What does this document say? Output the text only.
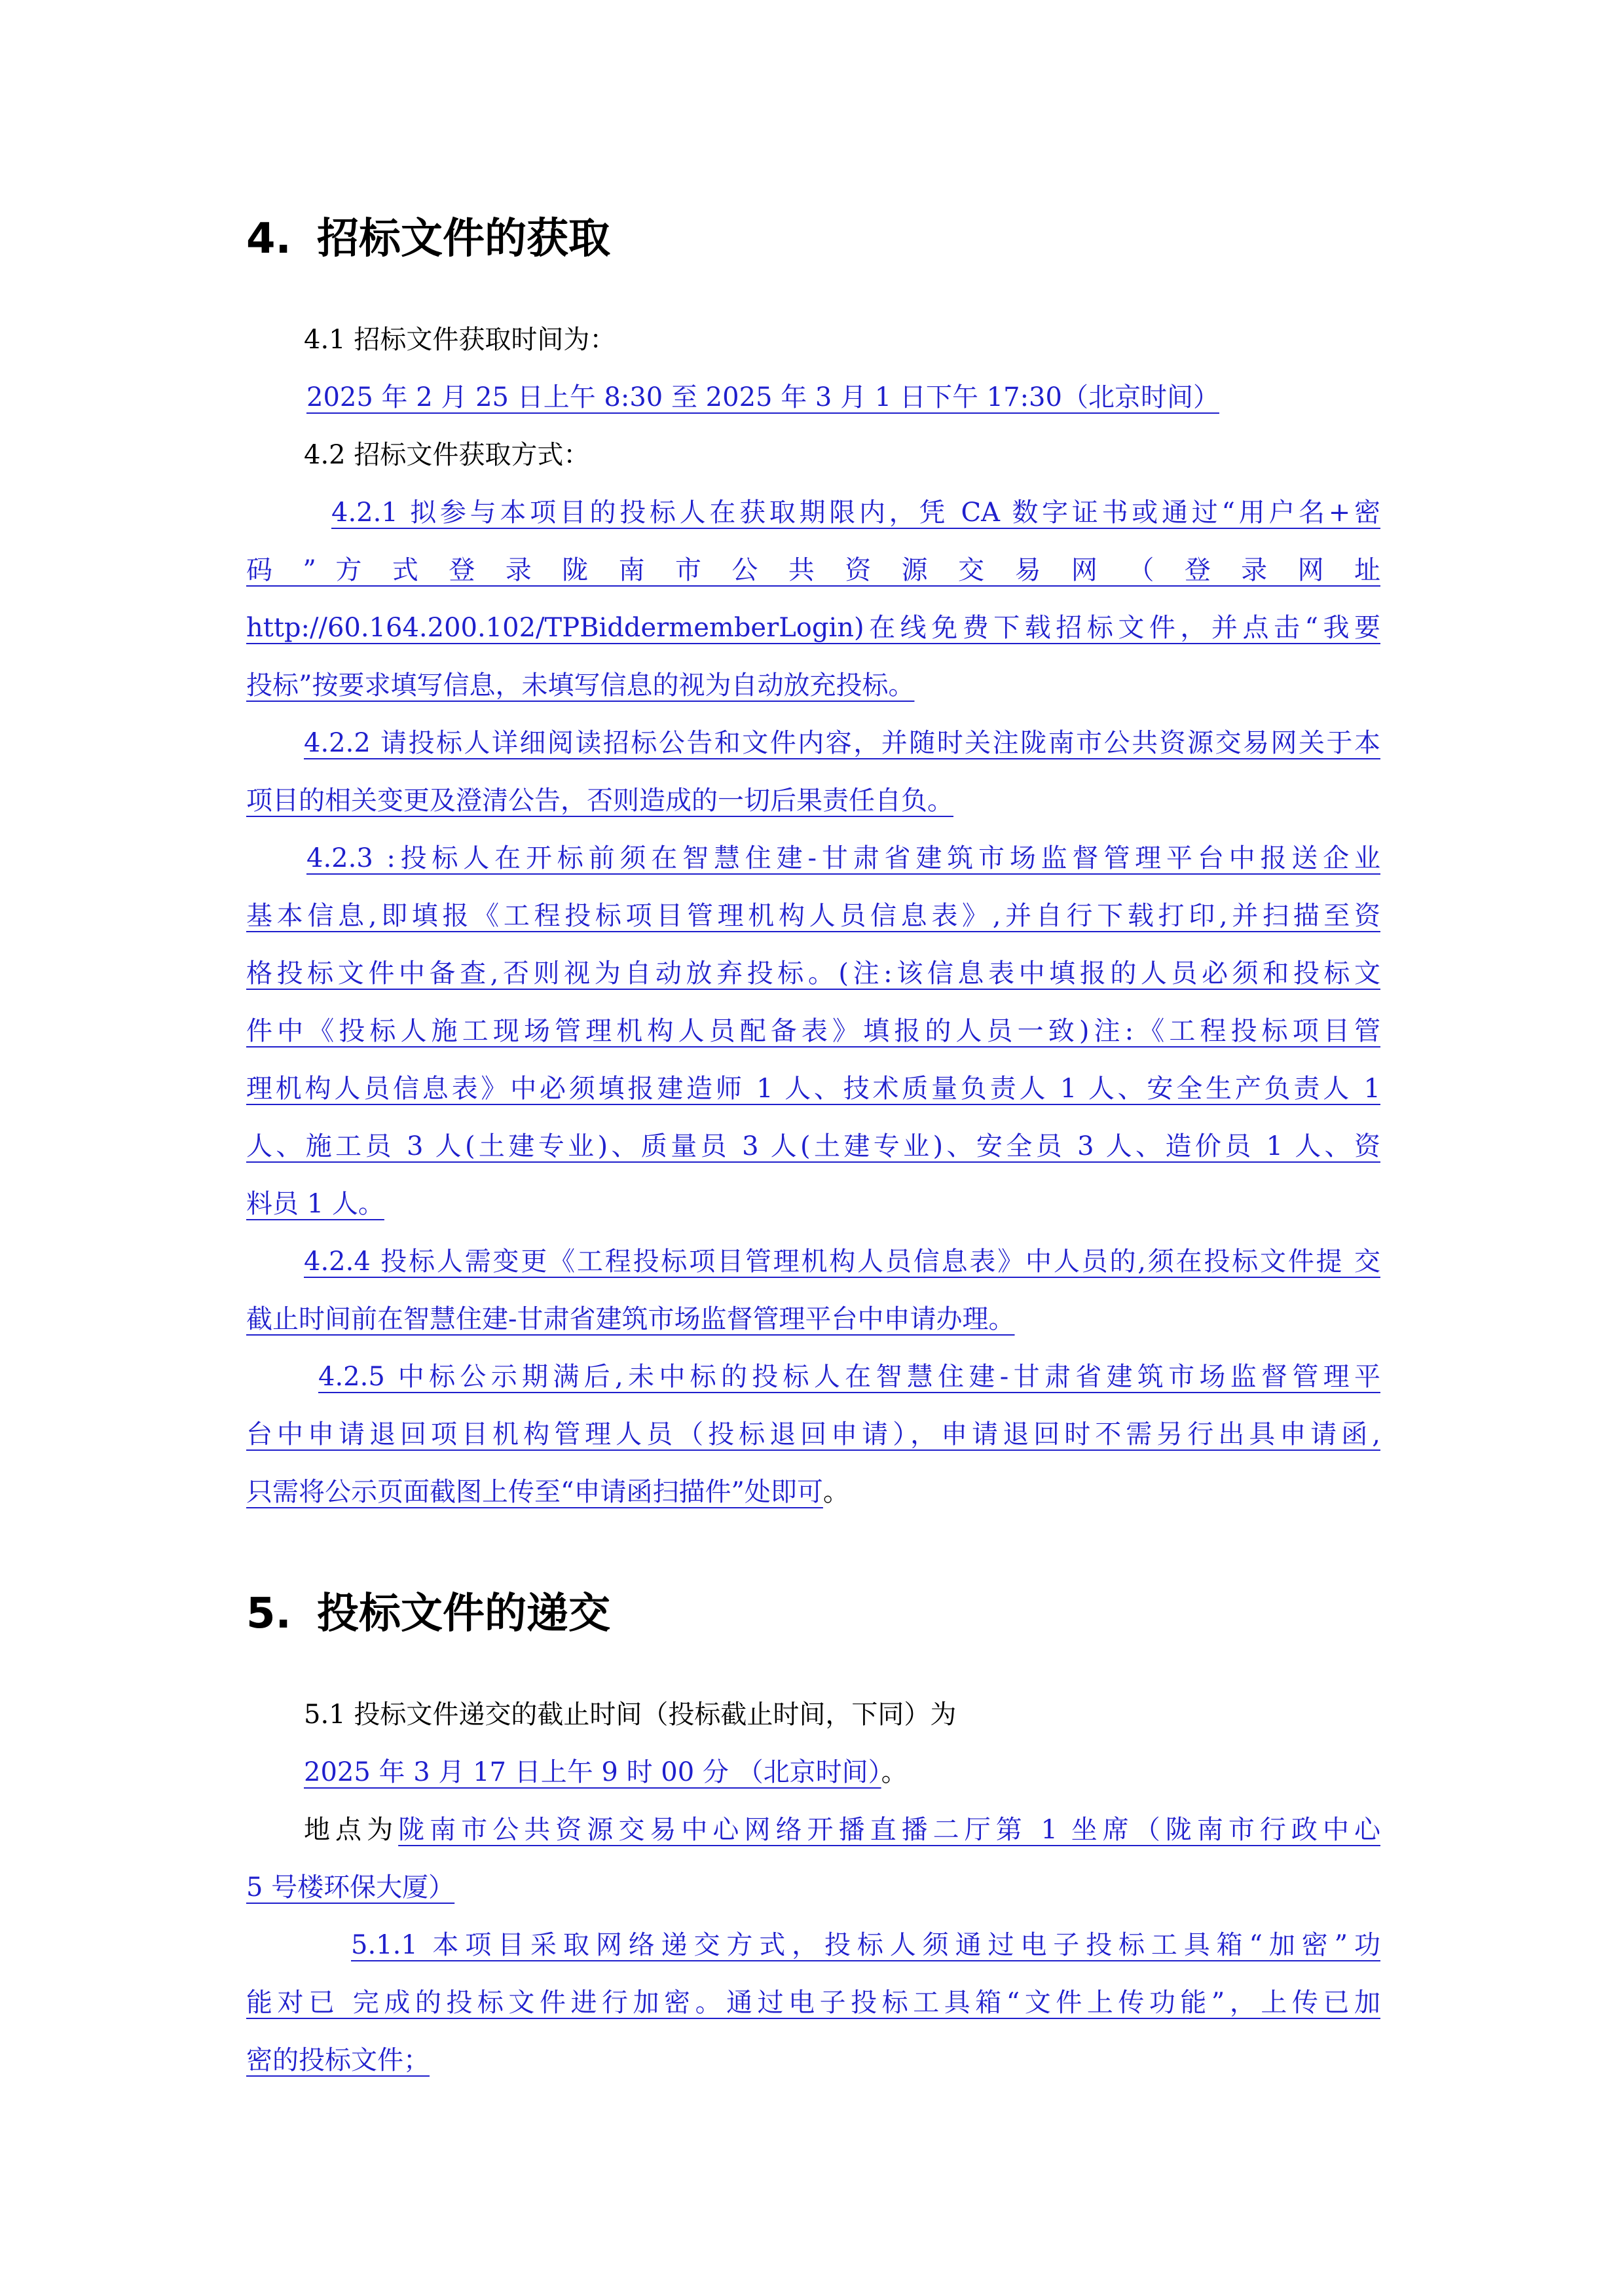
4. 招标文件的获取

4.1 招标文件获取时间为：
2025 年 2 月 25 日上午 8:30 至 2025 年 3 月 1 日下午 17:30（北京时间）

4.2 招标文件获取方式：

4.2.1 拟参与本项目的投标人在获取期限内，凭 CA 数字证书或通过“用户名+密
码 ” 方 式 登 录 陇 南 市 公 共 资 源 交 易 网 （ 登 录 网 址
http://60.164.200.102/TPBiddermemberLogin)在线免费下载招标文件，并点击“我要
投标”按要求填写信息，未填写信息的视为自动放充投标。

4.2.2 请投标人详细阅读招标公告和文件内容，并随时关注陇南市公共资源交易网关于本
项目的相关变更及澄清公告，否则造成的一切后果责任自负。

4.2.3 :投标人在开标前须在智慧住建-甘肃省建筑市场监督管理平台中报送企业
基本信息,即填报《工程投标项目管理机构人员信息表》,并自行下载打印,并扫描至资
格投标文件中备查,否则视为自动放弃投标。(注:该信息表中填报的人员必须和投标文
件中《投标人施工现场管理机构人员配备表》填报的人员一致)注:《工程投标项目管
理机构人员信息表》中必须填报建造师 1 人、技术质量负责人 1 人、安全生产负责人 1
人、施工员 3 人(土建专业)、质量员 3 人(土建专业)、安全员 3 人、造价员 1 人、资
料员 1 人。

4.2.4 投标人需变更《工程投标项目管理机构人员信息表》中人员的,须在投标文件提 交
截止时间前在智慧住建-甘肃省建筑市场监督管理平台中申请办理。

4.2.5 中标公示期满后,未中标的投标人在智慧住建-甘肃省建筑市场监督管理平
台中申请退回项目机构管理人员（投标退回申请），申请退回时不需另行出具申请函,
只需将公示页面截图上传至“申请函扫描件”处即可。

5. 投标文件的递交

5.1 投标文件递交的截止时间（投标截止时间，下同）为
2025 年 3 月 17 日上午 9 时 00 分 （北京时间）。
地点为陇南市公共资源交易中心网络开播直播二厅第 1 坐席（陇南市行政中心
5 号楼环保大厦）

5.1.1 本项目采取网络递交方式，投标人须通过电子投标工具箱“加密”功
能对已 完成的投标文件进行加密。通过电子投标工具箱“文件上传功能”，上传已加
密的投标文件；
